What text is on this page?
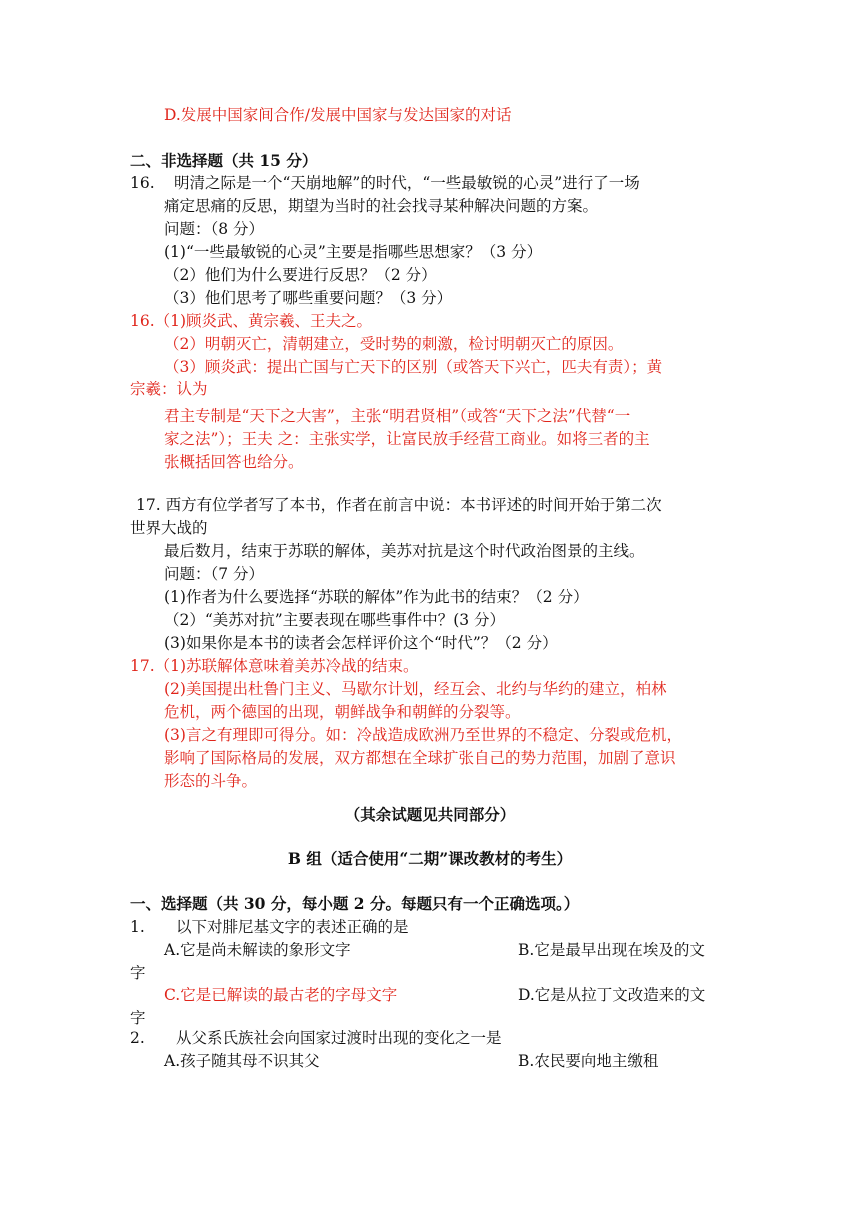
D.发展中国家间合作/发展中国家与发达国家的对话
二、非选择题（共 15 分）
16. 明清之际是一个“天崩地解”的时代，“一些最敏锐的心灵”进行了一场
痛定思痛的反思，期望为当时的社会找寻某种解决问题的方案。
问题：（8 分）
(1)“一些最敏锐的心灵”主要是指哪些思想家？（3 分）
（2）他们为什么要进行反思？（2 分）
（3）他们思考了哪些重要问题？（3 分）
16.（1)顾炎武、黄宗羲、王夫之。
（2）明朝灭亡，清朝建立，受时势的刺激，检讨明朝灭亡的原因。
（3）顾炎武：提出亡国与亡天下的区别（或答天下兴亡，匹夫有责）；黄
宗羲：认为
君主专制是“天下之大害”，主张“明君贤相”（或答“天下之法”代替“一
家之法”）；王夫 之：主张实学，让富民放手经营工商业。如将三者的主
张概括回答也给分。
17. 西方有位学者写了本书，作者在前言中说：本书评述的时间开始于第二次
世界大战的
最后数月，结束于苏联的解体，美苏对抗是这个时代政治图景的主线。
问题：（7 分）
(1)作者为什么要选择“苏联的解体”作为此书的结束？（2 分）
（2）“美苏对抗”主要表现在哪些事件中？(3 分）
(3)如果你是本书的读者会怎样评价这个“时代”？（2 分）
17.（1)苏联解体意味着美苏冷战的结束。
(2)美国提出杜鲁门主义、马歇尔计划，经互会、北约与华约的建立，柏林
危机，两个德国的出现，朝鲜战争和朝鲜的分裂等。
(3)言之有理即可得分。如：冷战造成欧洲乃至世界的不稳定、分裂或危机，
影响了国际格局的发展，双方都想在全球扩张自己的势力范围，加剧了意识
形态的斗争。
（其余试题见共同部分）
B 组（适合使用“二期”课改教材的考生）
一、选择题（共 30 分，每小题 2 分。每题只有一个正确选项。）
1. 以下对腓尼基文字的表述正确的是
A.它是尚未解读的象形文字	B.它是最早出现在埃及的文
字
C.它是已解读的最古老的字母文字	D.它是从拉丁文改造来的文
字
2. 从父系氏族社会向国家过渡时出现的变化之一是
A.孩子随其母不识其父	B.农民要向地主缴租
